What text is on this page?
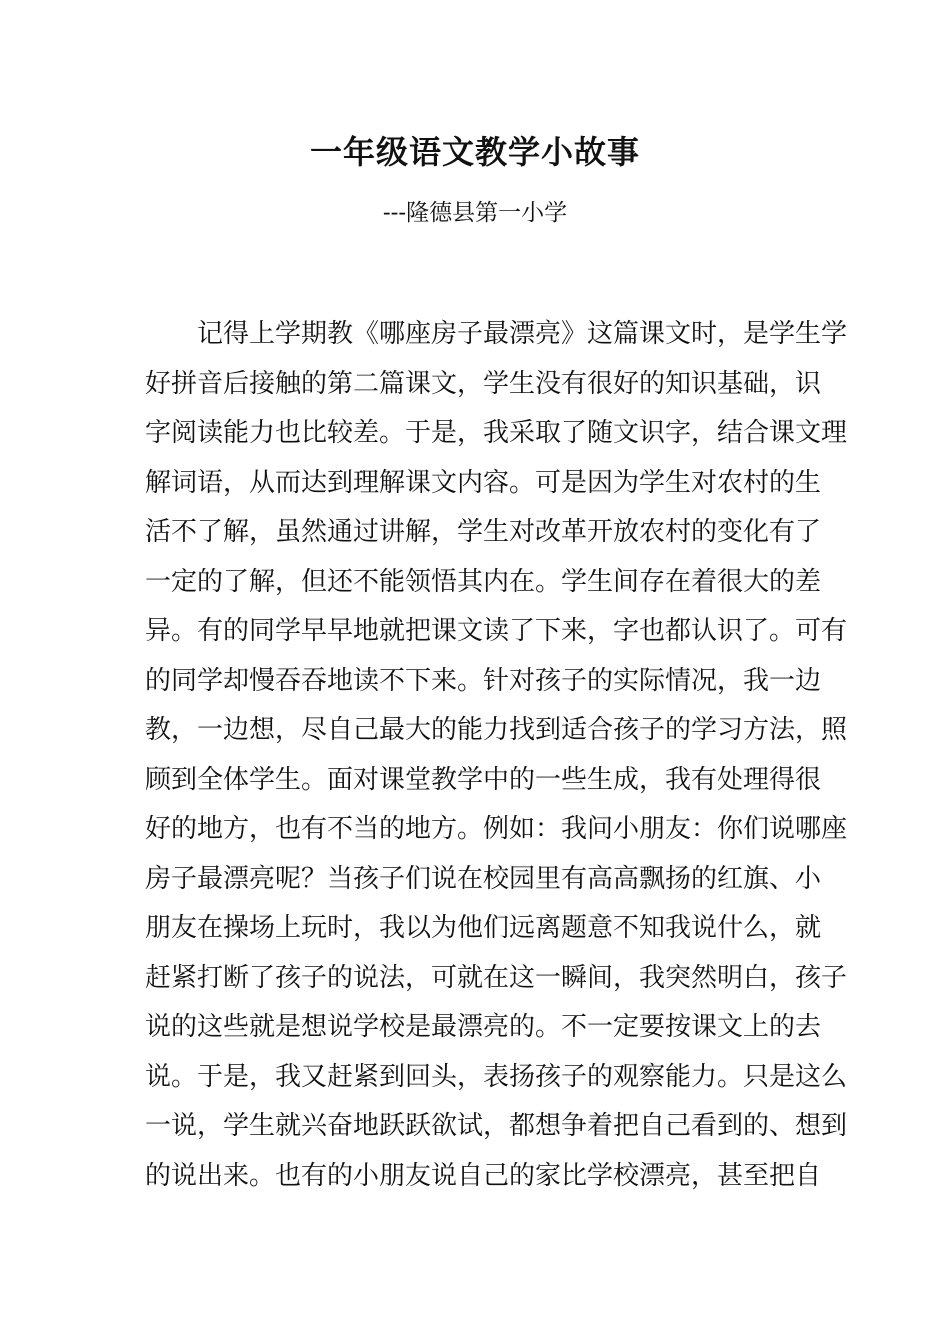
一年级语文教学小故事

---隆德县第一小学

记得上学期教《哪座房子最漂亮》这篇课文时，是学生学
好拼音后接触的第二篇课文，学生没有很好的知识基础，识
字阅读能力也比较差。于是，我采取了随文识字，结合课文理
解词语，从而达到理解课文内容。可是因为学生对农村的生
活不了解，虽然通过讲解，学生对改革开放农村的变化有了
一定的了解，但还不能领悟其内在。学生间存在着很大的差
异。有的同学早早地就把课文读了下来，字也都认识了。可有
的同学却慢吞吞地读不下来。针对孩子的实际情况，我一边
教，一边想，尽自己最大的能力找到适合孩子的学习方法，照
顾到全体学生。面对课堂教学中的一些生成，我有处理得很
好的地方，也有不当的地方。例如：我问小朋友：你们说哪座
房子最漂亮呢？当孩子们说在校园里有高高飘扬的红旗、小
朋友在操场上玩时，我以为他们远离题意不知我说什么，就
赶紧打断了孩子的说法，可就在这一瞬间，我突然明白，孩子
说的这些就是想说学校是最漂亮的。不一定要按课文上的去
说。于是，我又赶紧到回头，表扬孩子的观察能力。只是这么
一说，学生就兴奋地跃跃欲试，都想争着把自己看到的、想到
的说出来。也有的小朋友说自己的家比学校漂亮，甚至把自
